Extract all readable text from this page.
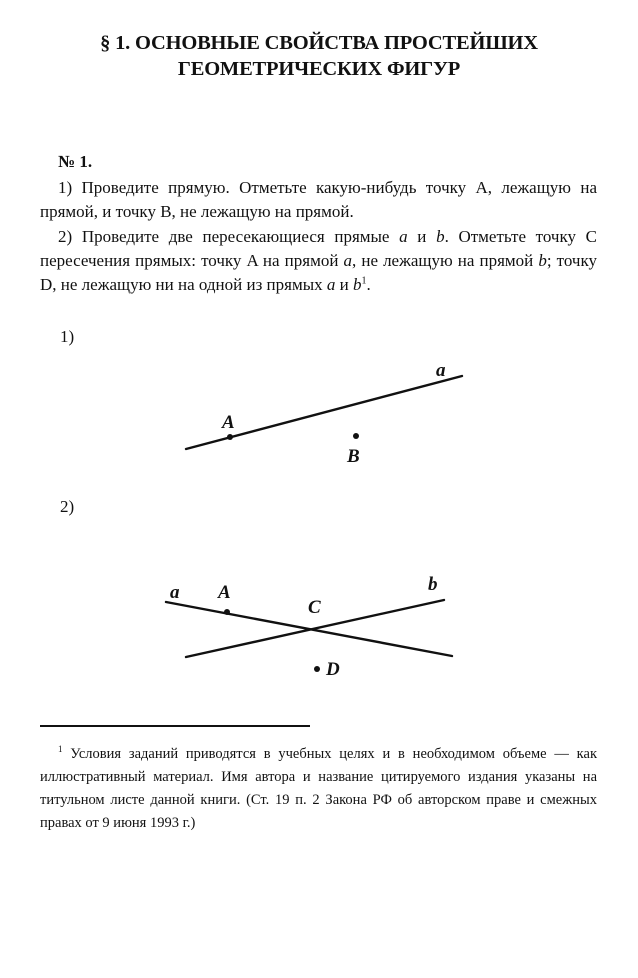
§ 1. ОСНОВНЫЕ СВОЙСТВА ПРОСТЕЙШИХ
ГЕОМЕТРИЧЕСКИХ ФИГУР
№ 1.
1) Проведите прямую. Отметьте какую-нибудь точку A, лежащую на прямой, и точку B, не лежащую на прямой.
2) Проведите две пересекающиеся прямые a и b. Отметьте точку C пересечения прямых: точку A на прямой a, не лежащую на прямой b; точку D, не лежащую ни на одной из прямых a и $b^1$.
1)
2)
a
A
B
a	b
A
C
D
$^1$ Условия заданий приводятся в учебных целях и в необходимом объеме — как иллюстративный материал. Имя автора и название цитируемого издания указаны на титульном листе данной книги. (Ст. 19 п. 2 Закона РФ об авторском праве и смежных правах от 9 июня 1993 г.)
